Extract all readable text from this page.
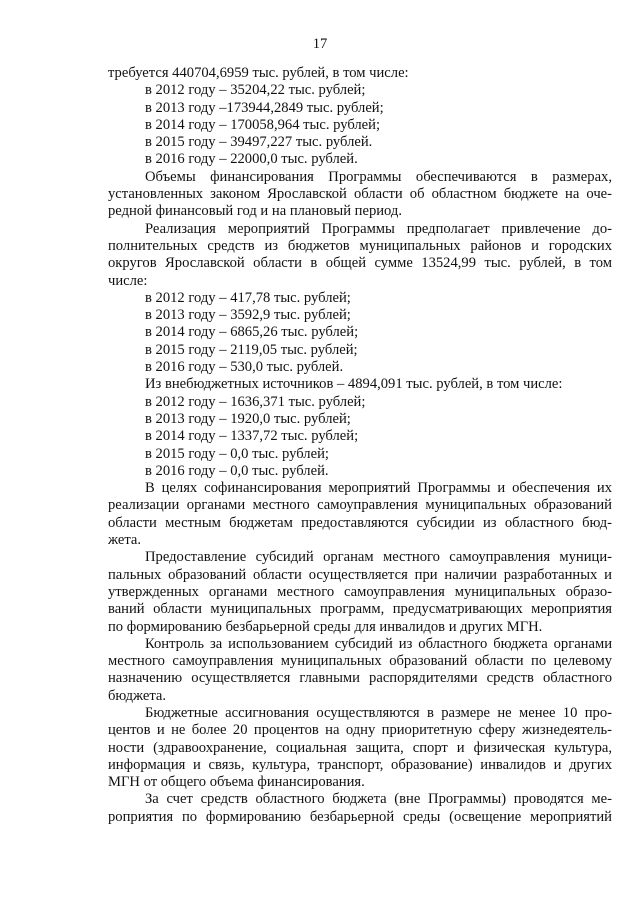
17
требуется 440704,6959 тыс. рублей, в том числе:
в 2012 году – 35204,22 тыс. рублей;
в 2013 году –173944,2849 тыс. рублей;
в 2014 году – 170058,964 тыс. рублей;
в 2015 году – 39497,227 тыс. рублей.
в 2016 году – 22000,0 тыс. рублей.
Объемы финансирования Программы обеспечиваются в размерах,
установленных законом Ярославской области об областном бюджете на оче-
редной финансовый год и на плановый период.
Реализация мероприятий Программы предполагает привлечение до-
полнительных средств из бюджетов муниципальных районов и городских
округов Ярославской области в общей сумме 13524,99 тыс. рублей, в том
числе:
в 2012 году – 417,78 тыс. рублей;
в 2013 году – 3592,9 тыс. рублей;
в 2014 году – 6865,26 тыс. рублей;
в 2015 году – 2119,05 тыс. рублей;
в 2016 году – 530,0 тыс. рублей.
Из внебюджетных источников – 4894,091 тыс. рублей, в том числе:
в 2012 году – 1636,371 тыс. рублей;
в 2013 году – 1920,0 тыс. рублей;
в 2014 году – 1337,72 тыс. рублей;
в 2015 году – 0,0 тыс. рублей;
в 2016 году – 0,0 тыс. рублей.
В целях софинансирования мероприятий Программы и обеспечения их
реализации органами местного самоуправления муниципальных образований
области местным бюджетам предоставляются субсидии из областного бюд-
жета.
Предоставление субсидий органам местного самоуправления муници-
пальных образований области осуществляется при наличии разработанных и
утвержденных органами местного самоуправления муниципальных образо-
ваний области муниципальных программ, предусматривающих мероприятия
по формированию безбарьерной среды для инвалидов и других МГН.
Контроль за использованием субсидий из областного бюджета органами
местного самоуправления муниципальных образований области по целевому
назначению осуществляется главными распорядителями средств областного
бюджета.
Бюджетные ассигнования осуществляются в размере не менее 10 про-
центов и не более 20 процентов на одну приоритетную сферу жизнедеятель-
ности (здравоохранение, социальная защита, спорт и физическая культура,
информация и связь, культура, транспорт, образование) инвалидов и других
МГН от общего объема финансирования.
За счет средств областного бюджета (вне Программы) проводятся ме-
роприятия по формированию безбарьерной среды (освещение мероприятий
